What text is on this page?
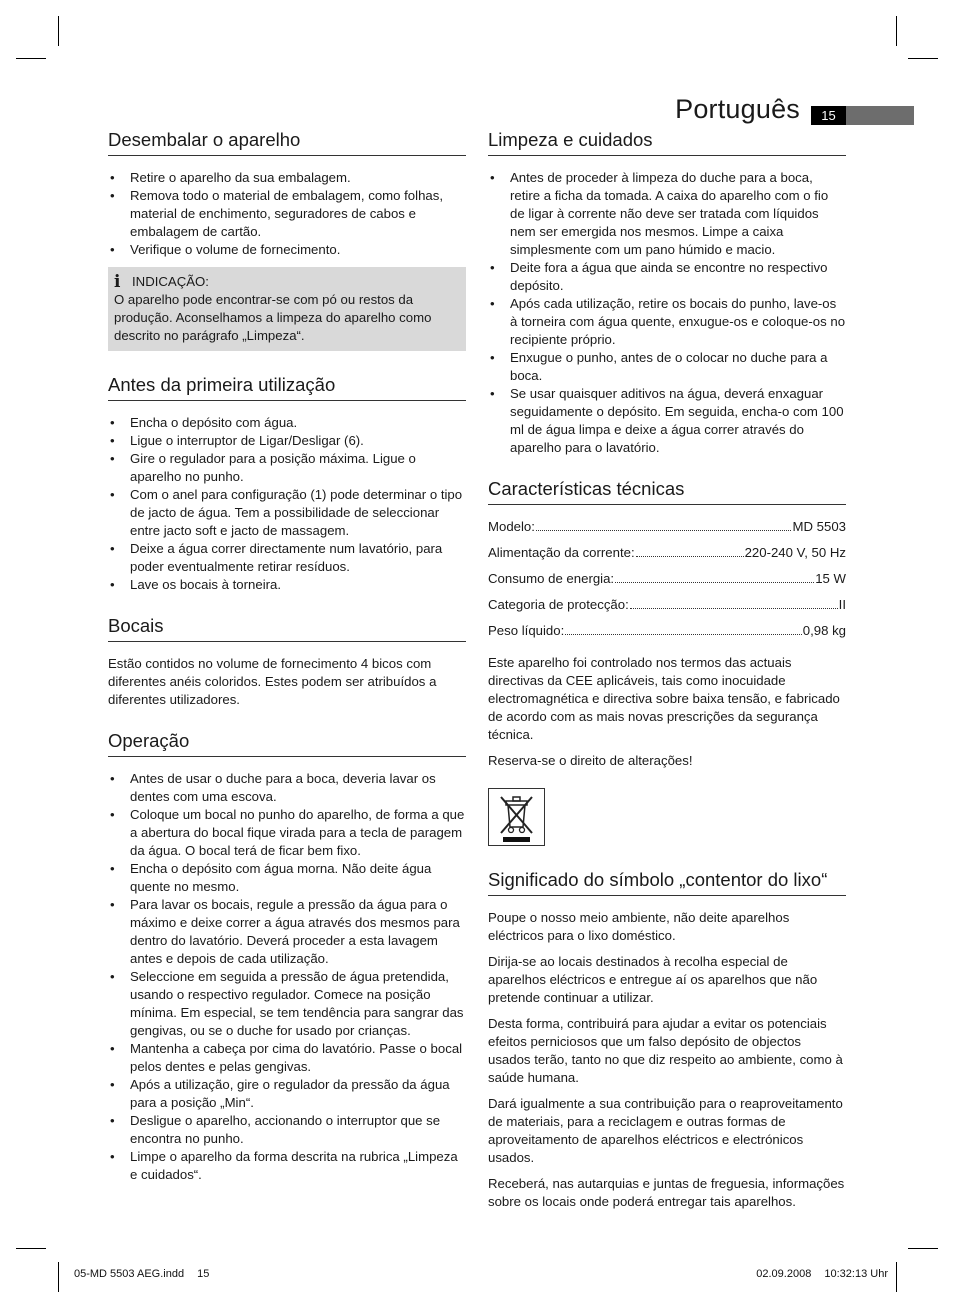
Português	15
Desembalar o aparelho
• Retire o aparelho da sua embalagem.
• Remova todo o material de embalagem, como folhas, material de enchimento, seguradores de cabos e embalagem de cartão.
• Verifique o volume de fornecimento.
i INDICAÇÃO:

O aparelho pode encontrar-se com pó ou restos da produção. Aconselhamos a limpeza do aparelho como descrito no parágrafo „Limpeza“.

Antes da primeira utilização
• Encha o depósito com água.
• Ligue o interruptor de Ligar/Desligar (6).
• Gire o regulador para a posição máxima. Ligue o aparelho no punho.
• Com o anel para configuração (1) pode determinar o tipo de jacto de água. Tem a possibilidade de seleccionar entre jacto soft e jacto de massagem.
• Deixe a água correr directamente num lavatório, para poder eventualmente retirar resíduos.
• Lave os bocais à torneira.
Bocais

Estão contidos no volume de fornecimento 4 bicos com diferentes anéis coloridos. Estes podem ser atribuídos a diferentes utilizadores.

Operação
• Antes de usar o duche para a boca, deveria lavar os dentes com uma escova.
• Coloque um bocal no punho do aparelho, de forma a que a abertura do bocal fique virada para a tecla de paragem da água. O bocal terá de ficar bem fixo.
• Encha o depósito com água morna. Não deite água quente no mesmo.
• Para lavar os bocais, regule a pressão da água para o máximo e deixe correr a água através dos mesmos para dentro do lavatório. Deverá proceder a esta lavagem antes e depois de cada utilização.
• Seleccione em seguida a pressão de água pretendida, usando o respectivo regulador. Comece na posição mínima. Em especial, se tem tendência para sangrar das gengivas, ou se o duche for usado por crianças.
• Mantenha a cabeça por cima do lavatório. Passe o bocal pelos dentes e pelas gengivas.
• Após a utilização, gire o regulador da pressão da água para a posição „Min“.
• Desligue o aparelho, accionando o interruptor que se encontra no punho.
• Limpe o aparelho da forma descrita na rubrica „Limpeza e cuidados“.
Limpeza e cuidados
• Antes de proceder à limpeza do duche para a boca, retire a ficha da tomada. A caixa do aparelho com o fio de ligar à corrente não deve ser tratada com líquidos nem ser emergida nos mesmos. Limpe a caixa simplesmente com um pano húmido e macio.
• Deite fora a água que ainda se encontre no respectivo depósito.
• Após cada utilização, retire os bocais do punho, lave-os à torneira com água quente, enxugue-os e coloque-os no recipiente próprio.
• Enxugue o punho, antes de o colocar no duche para a boca.
• Se usar quaisquer aditivos na água, deverá enxaguar seguidamente o depósito. Em seguida, encha-o com 100 ml de água limpa e deixe a água correr através do aparelho para o lavatório.
Características técnicas
Modelo:	MD 5503
Alimentação da corrente:	220-240 V, 50 Hz
Consumo de energia:	15 W
Categoria de protecção:	II
Peso líquido:	0,98 kg

Este aparelho foi controlado nos termos das actuais directivas da CEE aplicáveis, tais como inocuidade electromagnética e directiva sobre baixa tensão, e fabricado de acordo com as mais novas prescrições da segurança técnica.

Reserva-se o direito de alterações!

Significado do símbolo „contentor do lixo“

Poupe o nosso meio ambiente, não deite aparelhos eléctricos para o lixo doméstico.

Dirija-se ao locais destinados à recolha especial de aparelhos eléctricos e entregue aí os aparelhos que não pretende continuar a utilizar.

Desta forma, contribuirá para ajudar a evitar os potenciais efeitos perniciosos que um falso depósito de objectos usados terão, tanto no que diz respeito ao ambiente, como à saúde humana.

Dará igualmente a sua contribuição para o reaproveitamento de materiais, para a reciclagem e outras formas de aproveitamento de aparelhos eléctricos e electrónicos usados.

Receberá, nas autarquias e juntas de freguesia, informações sobre os locais onde poderá entregar tais aparelhos.

05-MD 5503 AEG.indd 15	02.09.2008 10:32:13 Uhr
